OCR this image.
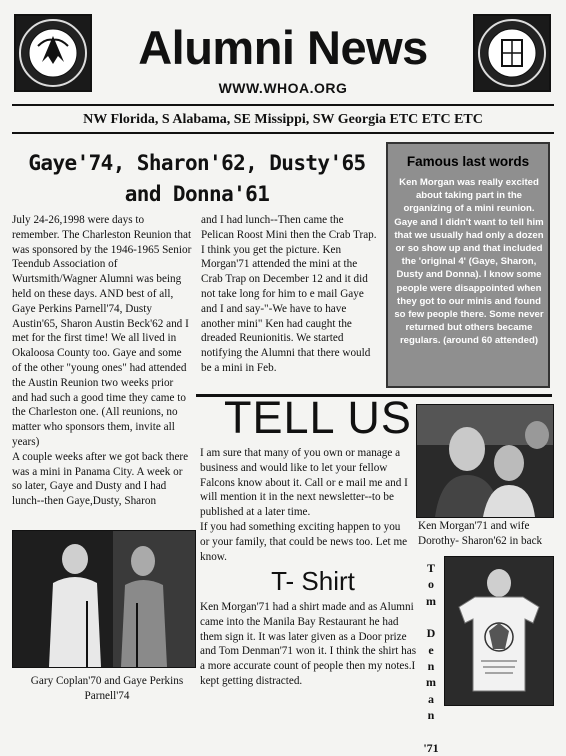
Alumni News
WWW.WHOA.ORG
NW Florida, S Alabama, SE Missippi, SW Georgia ETC ETC ETC
Gaye'74, Sharon'62, Dusty'65 and Donna'61
July 24-26,1998 were days to remember. The Charleston Reunion that was sponsored by the 1946-1965 Senior Teendub Association of Wurtsmith/Wagner Alumni was being held on these days. AND best of all, Gaye Perkins Parnell'74, Dusty Austin'65, Sharon Austin Beck'62 and I met for the first time! We all lived in Okaloosa County too. Gaye and some of the other "young ones" had attended the Austin Reunion two weeks prior and had such a good time they came to the Charleston one. (All reunions, no matter who sponsors them, invite all years)
A couple weeks after we got back there was a mini in Panama City. A week or so later, Gaye and Dusty and I had lunch--then Gaye,Dusty, Sharon
and I had lunch--Then came the Pelican Roost Mini then the Crab Trap. I think you get the picture. Ken Morgan'71 attended the mini at the Crab Trap on December 12 and it did not take long for him to e mail Gaye and I and say-"-We have to have another mini" Ken had caught the dreaded Reunionitis. We started notifying the Alumni that there would be a mini in Feb.
Famous last words
Ken Morgan was really excited about taking part in the organizing of a mini reunion. Gaye and I didn't want to tell him that we usually had only a dozen or so show up and that included the 'original 4' (Gaye, Sharon, Dusty and Donna). I know some people were disappointed when they got to our minis and found so few people there. Some never returned but others became regulars. (around 60 attended)
TELL US
I am sure that many of you own or manage a business and would like to let your fellow Falcons know about it. Call or e mail me and I will mention it in the next newsletter--to be published at a later time.
If you had something exciting happen to you or your family, that could be news too. Let me know.
T- Shirt
Ken Morgan'71 had a shirt made and as Alumni came into the Manila Bay Restaurant he had them sign it. It was later given as a Door prize and Tom Denman'71 won it. I think the shirt has a more accurate count of people then my notes.I kept getting distracted.
Ken Morgan'71 and wife Dorothy- Sharon'62 in back
Gary Coplan'70 and Gaye Perkins Parnell'74
T
o
m
D
e
n
m
a
n
'71
